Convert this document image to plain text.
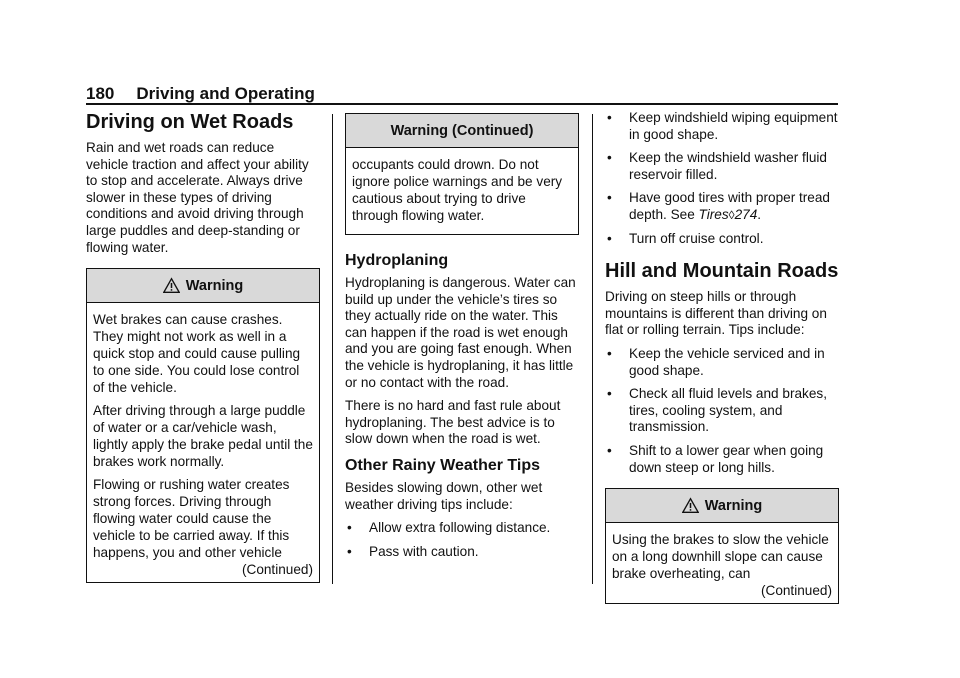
180 Driving and Operating
Driving on Wet Roads

Rain and wet roads can reduce vehicle traction and affect your ability to stop and accelerate. Always drive slower in these types of driving conditions and avoid driving through large puddles and deep-standing or flowing water.

Warning

Wet brakes can cause crashes. They might not work as well in a quick stop and could cause pulling to one side. You could lose control of the vehicle.

After driving through a large puddle of water or a car/vehicle wash, lightly apply the brake pedal until the brakes work normally.

Flowing or rushing water creates strong forces. Driving through flowing water could cause the vehicle to be carried away. If this happens, you and other vehicle

(Continued)
Warning (Continued)

occupants could drown. Do not ignore police warnings and be very cautious about trying to drive through flowing water.

Hydroplaning

Hydroplaning is dangerous. Water can build up under the vehicle’s tires so they actually ride on the water. This can happen if the road is wet enough and you are going fast enough. When the vehicle is hydroplaning, it has little or no contact with the road.

There is no hard and fast rule about hydroplaning. The best advice is to slow down when the road is wet.

Other Rainy Weather Tips

Besides slowing down, other wet weather driving tips include:

•	Allow extra following distance.
•	Pass with caution.
•	Keep windshield wiping equipment in good shape.
•	Keep the windshield washer fluid reservoir filled.
•	Have good tires with proper tread depth. See Tires◊274.
•	Turn off cruise control.
Hill and Mountain Roads

Driving on steep hills or through mountains is different than driving on flat or rolling terrain. Tips include:

•	Keep the vehicle serviced and in good shape.
•	Check all fluid levels and brakes, tires, cooling system, and transmission.
•	Shift to a lower gear when going down steep or long hills.
Warning

Using the brakes to slow the vehicle on a long downhill slope can cause brake overheating, can

(Continued)
